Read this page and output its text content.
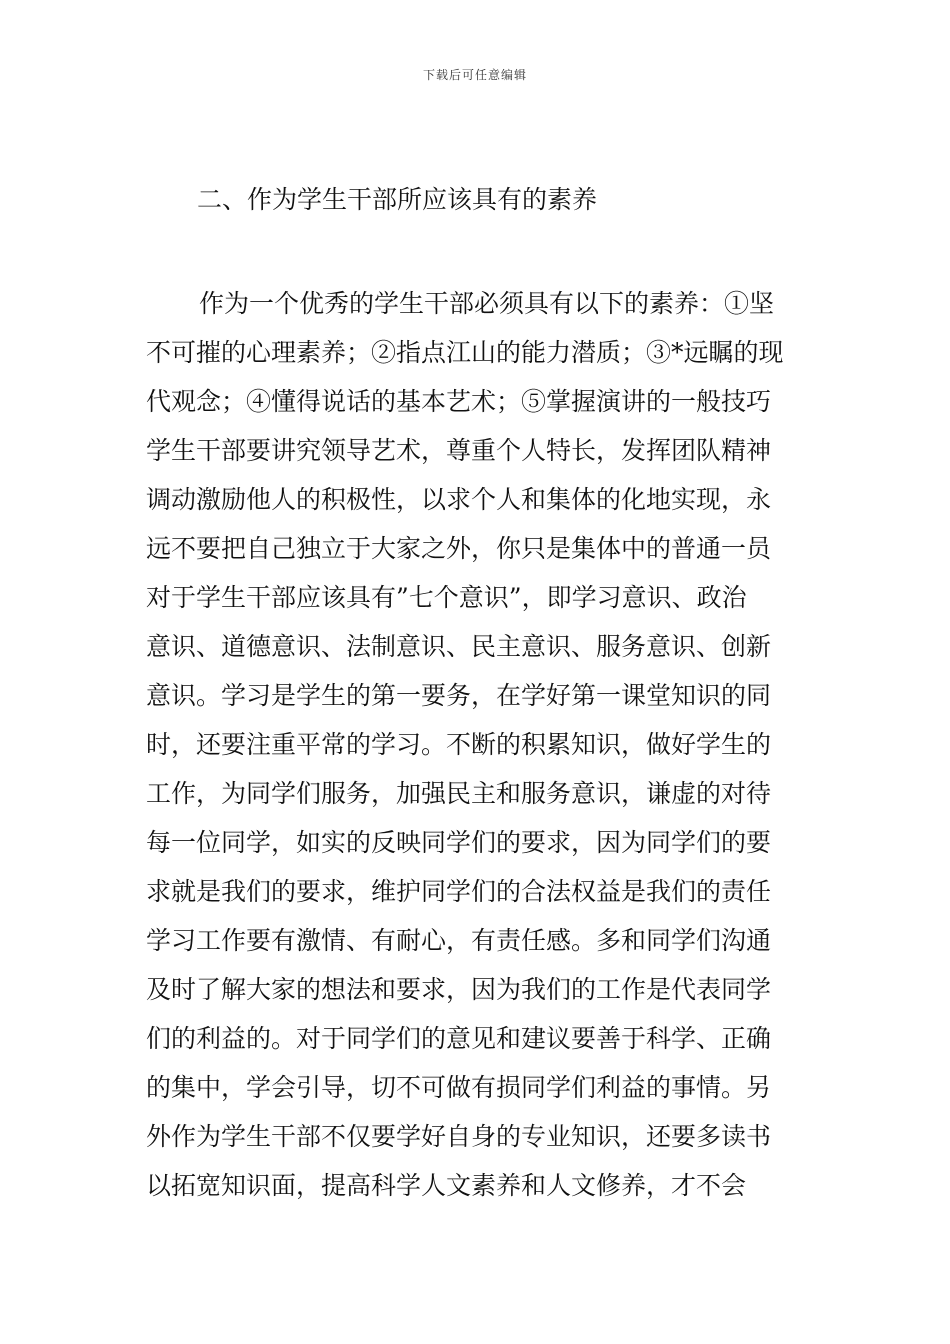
下载后可任意编辑
二、作为学生干部所应该具有的素养
作为一个优秀的学生干部必须具有以下的素养：①坚
不可摧的心理素养；②指点江山的能力潜质；③*远瞩的现
代观念；④懂得说话的基本艺术；⑤掌握演讲的一般技巧
学生干部要讲究领导艺术，尊重个人特长，发挥团队精神
调动激励他人的积极性，以求个人和集体的化地实现，永
远不要把自己独立于大家之外，你只是集体中的普通一员
对于学生干部应该具有”七个意识”，即学习意识、政治
意识、道德意识、法制意识、民主意识、服务意识、创新
意识。学习是学生的第一要务，在学好第一课堂知识的同
时，还要注重平常的学习。不断的积累知识，做好学生的
工作，为同学们服务，加强民主和服务意识，谦虚的对待
每一位同学，如实的反映同学们的要求，因为同学们的要
求就是我们的要求，维护同学们的合法权益是我们的责任
学习工作要有激情、有耐心，有责任感。多和同学们沟通
及时了解大家的想法和要求，因为我们的工作是代表同学
们的利益的。对于同学们的意见和建议要善于科学、正确
的集中，学会引导，切不可做有损同学们利益的事情。另
外作为学生干部不仅要学好自身的专业知识，还要多读书
以拓宽知识面，提高科学人文素养和人文修养，才不会
